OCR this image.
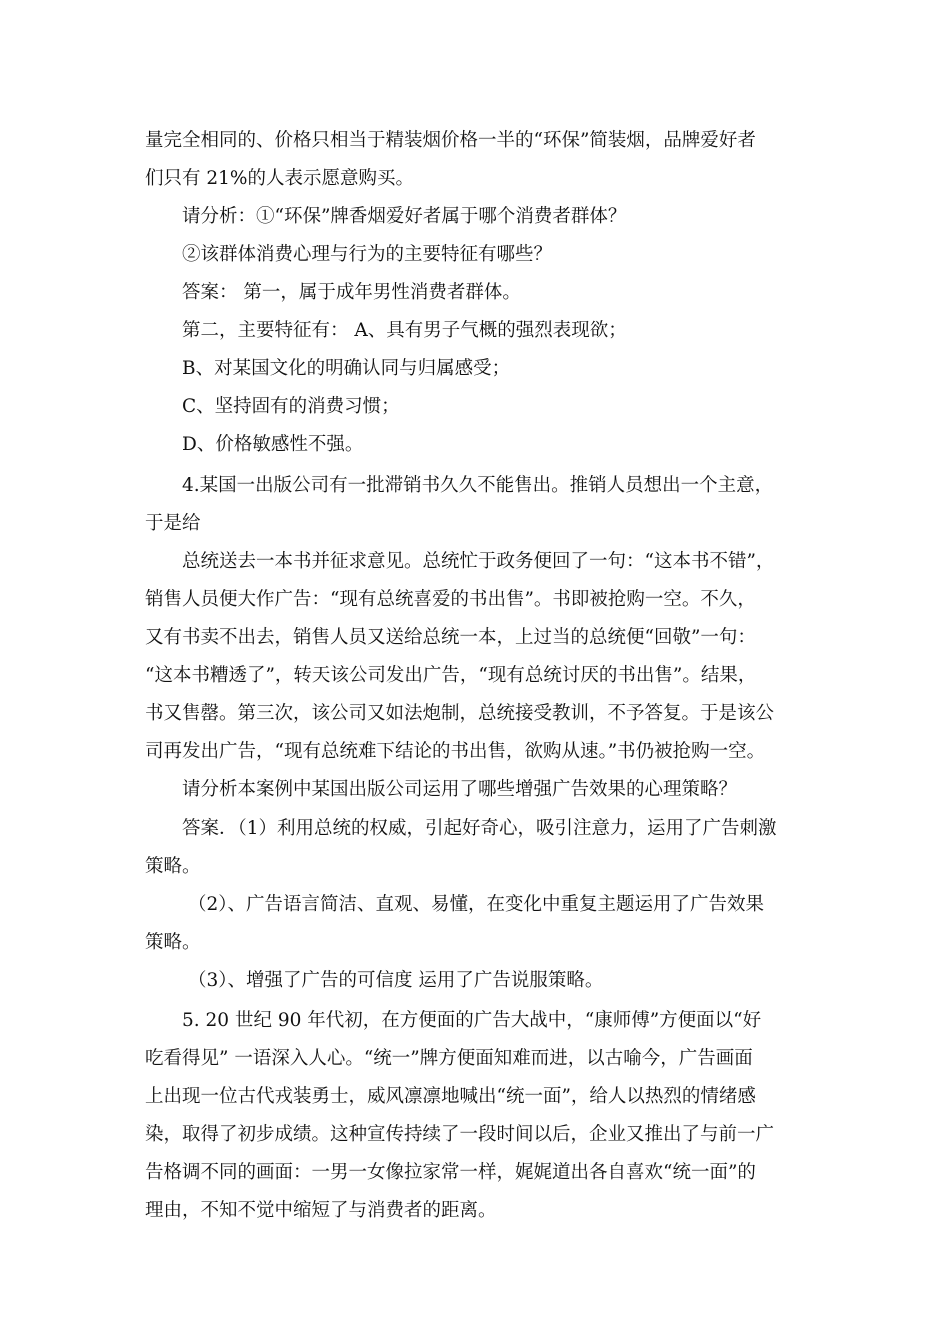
量完全相同的、价格只相当于精装烟价格一半的“环保”简装烟，品牌爱好者
们只有 21%的人表示愿意购买。
请分析：①“环保”牌香烟爱好者属于哪个消费者群体？
②该群体消费心理与行为的主要特征有哪些？
答案： 第一，属于成年男性消费者群体。
第二，主要特征有： A、具有男子气概的强烈表现欲；
B、对某国文化的明确认同与归属感受；
C、坚持固有的消费习惯；
D、价格敏感性不强。
4.某国一出版公司有一批滞销书久久不能售出。推销人员想出一个主意，
于是给
总统送去一本书并征求意见。总统忙于政务便回了一句：“这本书不错”，
销售人员便大作广告：“现有总统喜爱的书出售”。书即被抢购一空。不久，
又有书卖不出去，销售人员又送给总统一本，上过当的总统便“回敬”一句：
“这本书糟透了”，转天该公司发出广告，“现有总统讨厌的书出售”。结果，
书又售罄。第三次，该公司又如法炮制，总统接受教训，不予答复。于是该公
司再发出广告，“现有总统难下结论的书出售，欲购从速。”书仍被抢购一空。
请分析本案例中某国出版公司运用了哪些增强广告效果的心理策略？
答案．（1）利用总统的权威，引起好奇心，吸引注意力，运用了广告刺激
策略。
（2）、广告语言简洁、直观、易懂，在变化中重复主题运用了广告效果
策略。
（3）、增强了广告的可信度 运用了广告说服策略。
5. 20 世纪 90 年代初，在方便面的广告大战中，“康师傅”方便面以“好
吃看得见” 一语深入人心。“统一”牌方便面知难而进，以古喻今，广告画面
上出现一位古代戎装勇士，威风凛凛地喊出“统一面”，给人以热烈的情绪感
染，取得了初步成绩。这种宣传持续了一段时间以后，企业又推出了与前一广
告格调不同的画面：一男一女像拉家常一样，娓娓道出各自喜欢“统一面”的
理由，不知不觉中缩短了与消费者的距离。
